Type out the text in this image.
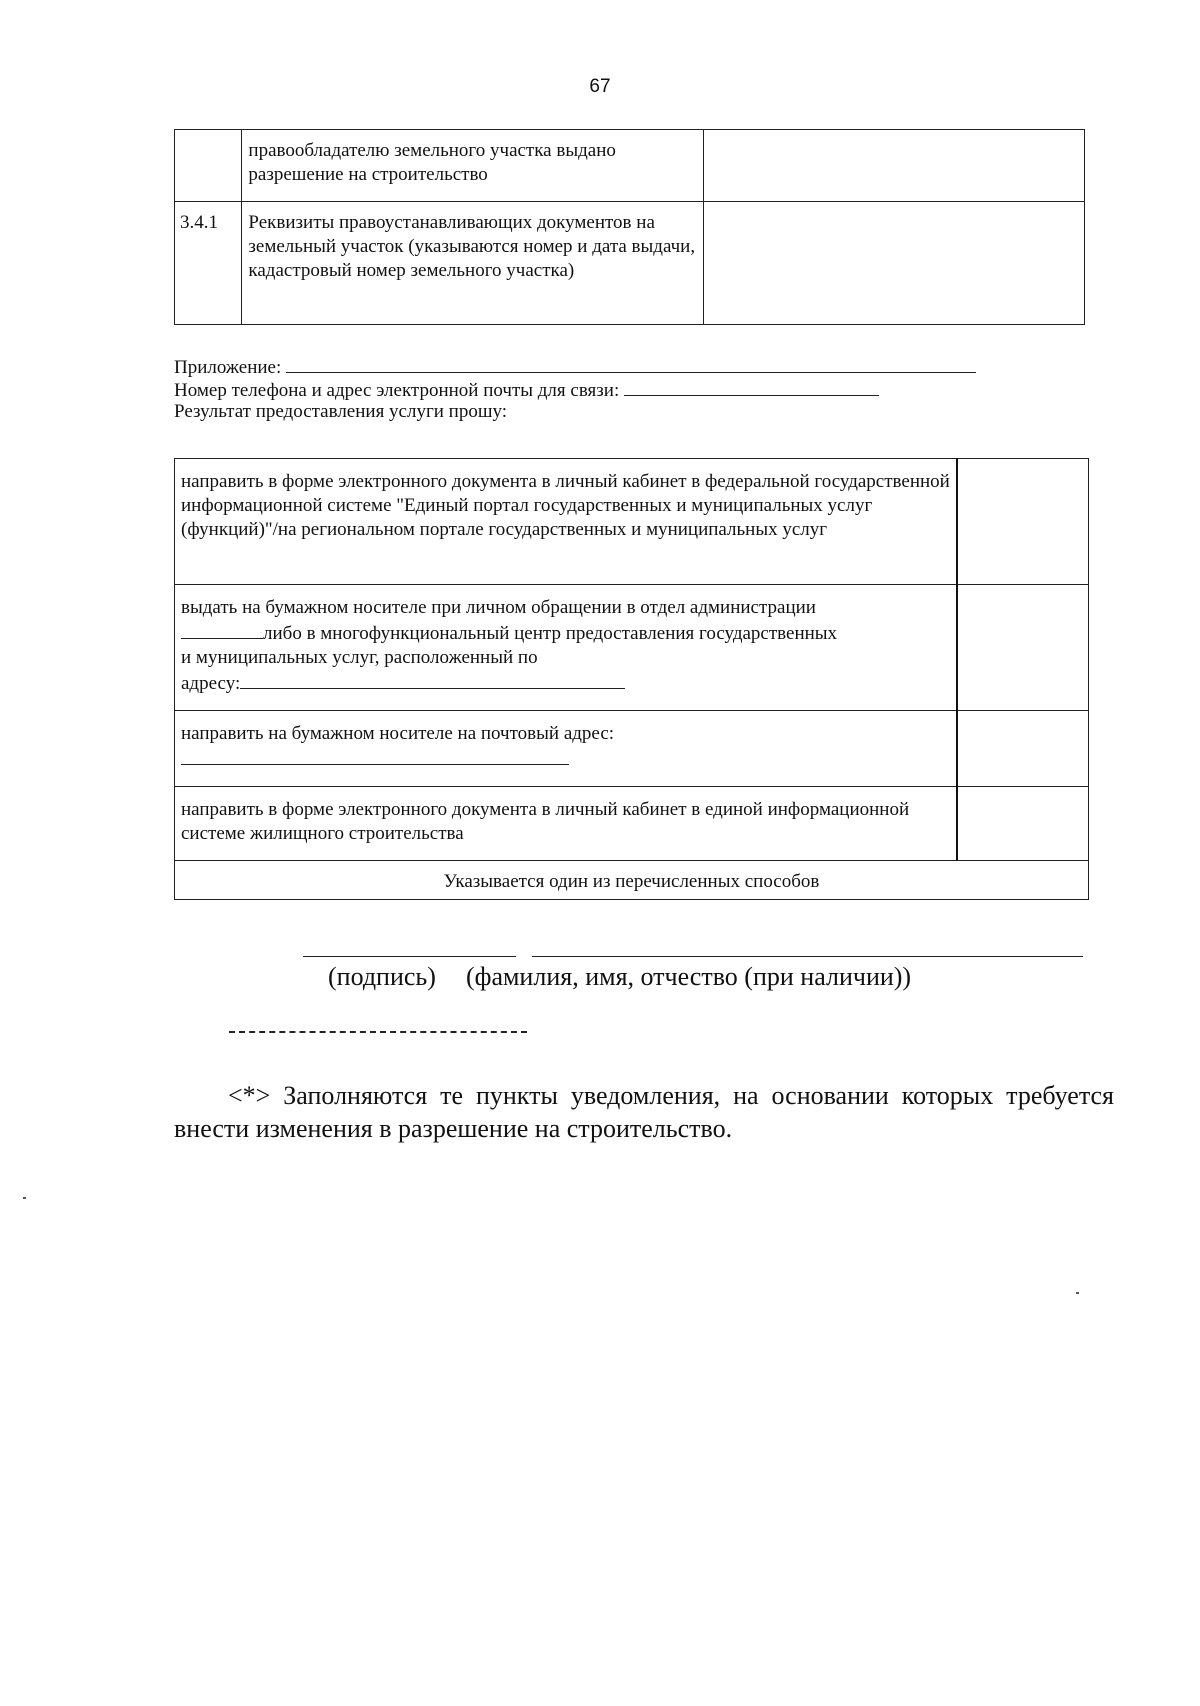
67
	правообладателю земельного участка выдано разрешение на строительство	
3.4.1	Реквизиты правоустанавливающих документов на земельный участок (указываются номер и дата выдачи, кадастровый номер земельного участка)	
Приложение:
Номер телефона и адрес электронной почты для связи:
Результат предоставления услуги прошу:
направить в форме электронного документа в личный кабинет в федеральной государственной информационной системе "Единый портал государственных и муниципальных услуг (функций)"/на региональном портале государственных и муниципальных услуг	

выдать на бумажном носителе при личном обращении в отдел администрации
либо в многофункциональный центр предоставления государственных
и муниципальных услуг, расположенный по
адресу:	

направить на бумажном носителе на почтовый адрес:	

направить в форме электронного документа в личный кабинет в единой информационной системе жилищного строительства	
Указывается один из перечисленных способов	
(подпись) (фамилия, имя, отчество (при наличии))
<*> Заполняются те пункты уведомления, на основании которых требуется внести изменения в разрешение на строительство.
